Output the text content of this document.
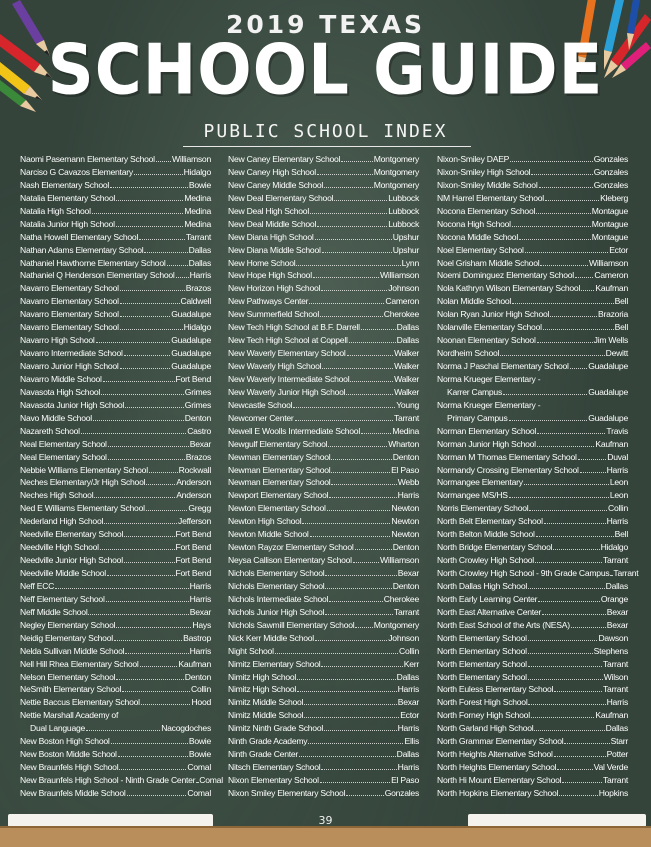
2019 TEXAS
SCHOOL GUIDE
PUBLIC SCHOOL INDEX
Naomi Pasemann Elementary School Williamson
Narciso G Cavazos Elementary	Hidalgo
Nash Elementary School	Bowie
Natalia Elementary School	Medina
Natalia High School	Medina
Natalia Junior High School	Medina
Natha Howell Elementary School	Tarrant
Nathan Adams Elementary School	Dallas
Nathaniel Hawthorne Elementary School	Dallas
Nathaniel Q Henderson Elementary School Harris
Navarro Elementary School	Brazos
Navarro Elementary School	Caldwell
Navarro Elementary School	Guadalupe
Navarro Elementary School	Hidalgo
Navarro High School	Guadalupe
Navarro Intermediate School	Guadalupe
Navarro Junior High School	Guadalupe
Navarro Middle School	Fort Bend
Navasota High School	Grimes
Navasota Junior High School	Grimes
Navo Middle School	Denton
Nazareth School	Castro
Neal Elementary School	Bexar
Neal Elementary School	Brazos
Nebbie Williams Elementary School	Rockwall
Neches Elementary/Jr High School	Anderson
Neches High School	Anderson
Ned E Williams Elementary School	Gregg
Nederland High School	Jefferson
Needville Elementary School	Fort Bend
Needville High School	Fort Bend
Needville Junior High School	Fort Bend
Needville Middle School	Fort Bend
Neff ECC	Harris
Neff Elementary School	Harris
Neff Middle School	Bexar
Negley Elementary School	Hays
Neidig Elementary School	Bastrop
Nelda Sullivan Middle School	Harris
Nell Hill Rhea Elementary School	Kaufman
Nelson Elementary School	Denton
NeSmith Elementary School	Collin
Nettie Baccus Elementary School	Hood
Nettie Marshall Academy of
Dual Language	Nacogdoches
New Boston High School	Bowie
New Boston Middle School	Bowie
New Braunfels High School	Comal
New Braunfels High School - Ninth Grade Center Comal
New Braunfels Middle School	Comal
New Caney Elementary School	Montgomery
New Caney High School	Montgomery
New Caney Middle School	Montgomery
New Deal Elementary School	Lubbock
New Deal High School	Lubbock
New Deal Middle School	Lubbock
New Diana High School	Upshur
New Diana Middle School	Upshur
New Home School	Lynn
New Hope High School	Williamson
New Horizon High School	Johnson
New Pathways Center	Cameron
New Summerfield School	Cherokee
New Tech High School at B.F. Darrell	Dallas
New Tech High School at Coppell	Dallas
New Waverly Elementary School	Walker
New Waverly High School	Walker
New Waverly Intermediate School	Walker
New Waverly Junior High School	Walker
Newcastle School	Young
Newcomer Center	Tarrant
Newell E Woolls Intermediate School	Medina
Newgulf Elementary School	Wharton
Newman Elementary School	Denton
Newman Elementary School	El Paso
Newman Elementary School	Webb
Newport Elementary School	Harris
Newton Elementary School	Newton
Newton High School	Newton
Newton Middle School	Newton
Newton Rayzor Elementary School	Denton
Neysa Callison Elementary School	Williamson
Nichols Elementary School	Bexar
Nichols Elementary School	Denton
Nichols Intermediate School	Cherokee
Nichols Junior High School	Tarrant
Nichols Sawmill Elementary School Montgomery
Nick Kerr Middle School	Johnson
Night School	Collin
Nimitz Elementary School	Kerr
Nimitz High School	Dallas
Nimitz High School	Harris
Nimitz Middle School	Bexar
Nimitz Middle School	Ector
Nimitz Ninth Grade School	Harris
Ninth Grade Academy	Ellis
Ninth Grade Center	Dallas
Nitsch Elementary School	Harris
Nixon Elementary School	El Paso
Nixon Smiley Elementary School	Gonzales
Nixon-Smiley DAEP	Gonzales
Nixon-Smiley High School	Gonzales
Nixon-Smiley Middle School	Gonzales
NM Harrel Elementary School	Kleberg
Nocona Elementary School	Montague
Nocona High School	Montague
Nocona Middle School	Montague
Noel Elementary School	Ector
Noel Grisham Middle School	Williamson
Noemi Dominguez Elementary School Cameron
Nola Kathryn Wilson Elementary School Kaufman
Nolan Middle School	Bell
Nolan Ryan Junior High School	Brazoria
Nolanville Elementary School	Bell
Noonan Elementary School	Jim Wells
Nordheim School	Dewitt
Norma J Paschal Elementary School Guadalupe
Norma Krueger Elementary -
Karrer Campus	Guadalupe
Norma Krueger Elementary -
Primary Campus	Guadalupe
Norman Elementary School	Travis
Norman Junior High School	Kaufman
Norman M Thomas Elementary School	Duval
Normandy Crossing Elementary School	Harris
Normangee Elementary	Leon
Normangee MS/HS	Leon
Norris Elementary School	Collin
North Belt Elementary School	Harris
North Belton Middle School	Bell
North Bridge Elementary School	Hidalgo
North Crowley High School	Tarrant
North Crowley High School - 9th Grade Campus Tarrant
North Dallas High School	Dallas
North Early Learning Center	Orange
North East Alternative Center	Bexar
North East School of the Arts (NESA)	Bexar
North Elementary School	Dawson
North Elementary School	Stephens
North Elementary School	Tarrant
North Elementary School	Wilson
North Euless Elementary School	Tarrant
North Forest High School	Harris
North Forney High School	Kaufman
North Garland High School	Dallas
North Grammar Elementary School	Starr
North Heights Alternative School	Potter
North Heights Elementary School	Val Verde
North Hi Mount Elementary School	Tarrant
North Hopkins Elementary School	Hopkins
39
